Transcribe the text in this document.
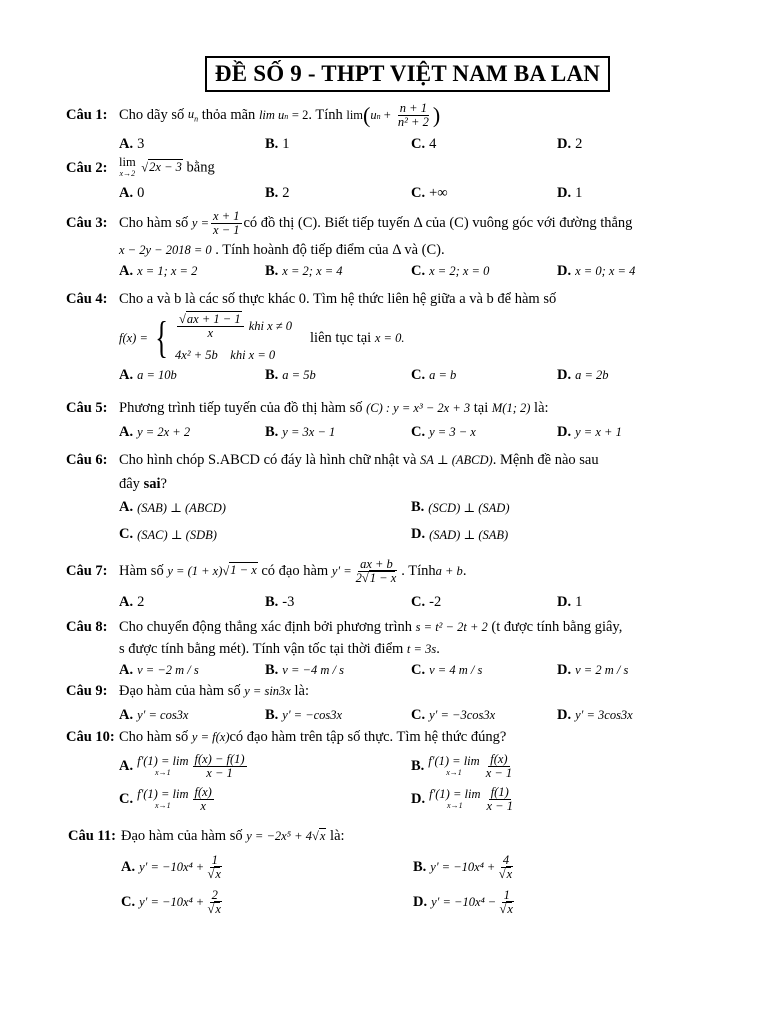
ĐỀ SỐ 9 - THPT VIỆT NAM BA LAN
Câu 1: Cho dãy số $u_n$ thỏa mãn lim un = 2. Tính $\lim(un + \frac{n + 1}{\text{n² + 2}}$ )
A. 3	B. 1	C. 4	D. 2
Câu 2: lim
x→2 √2x − 3 bằng
A. 0	B. 2	C. +∞	D. 1
Câu 3: Cho hàm số $y = \frac{x + 1}{x - 1}$ có đồ thị (C). Biết tiếp tuyến Δ của (C) vuông góc với đường thẳng
x − 2y − 2018 = 0 . Tính hoành độ tiếp điểm của Δ và (C).
A. x = 1; x = 2	B. x = 2; x = 4	C. x = 2; x = 0	D. x = 0; x = 4
Câu 4: Cho a và b là các số thực khác 0. Tìm hệ thức liên hệ giữa a và b để hàm số
f(x) = { $\frac{√ax + 1 - 1}{x}$
khi x ≠ 0
4x² + 5b
khi x = 0
liên tục tại
x = 0.
A. a = 10b	B. a = 5b	C. a = b	D. a = 2b
Câu 5: Phương trình tiếp tuyến của đồ thị hàm số (C) : y = x³ − 2x + 3 tại M(1; 2) là:
A. y = 2x + 2	B. y = 3x − 1	C. y = 3 − x	D. y = x + 1
Câu 6: Cho hình chóp S.ABCD có đáy là hình chữ nhật và SA ⊥ (ABCD). Mệnh đề nào sau
đây sai?
A. (SAB) ⊥ (ABCD)	B. (SCD) ⊥ (SAD)
C. (SAC) ⊥ (SDB)	D. (SAD) ⊥ (SAB)
Câu 7: Hàm số y = (1 + x)√1 − x có đạo hàm $y' = \frac{ax + b}{2√1 - x}$ . Tínha + b.
A. 2	B. -3	C. -2	D. 1
Câu 8: Cho chuyển động thẳng xác định bởi phương trình s = t² − 2t + 2 (t được tính bằng giây,
s được tính bằng mét). Tính vận tốc tại thời điểm t = 3s.
A. v = −2 m / s	B. v = −4 m / s	C. v = 4 m / s	D. v = 2 m / s
Câu 9: Đạo hàm của hàm số y = sin3x là:
A. y' = cos3x	B. y' = −cos3x	C. y' = −3cos3x	D. y' = 3cos3x
Câu 10: Cho hàm số y = f(x)có đạo hàm trên tập số thực. Tìm hệ thức đúng?
A. f'(1) = lim
$x\to 1 \frac{f(x) - f(1)}{x - 1}$	B. f'(1) = lim
$x\to 1 \frac{f(x)}{x - 1}$
C. f'(1) = lim
$x\to 1 \frac{f(x)}{x}$	D. f'(1) = lim
$x\to 1 \frac{f(1)}{x - 1}$
Câu 11: Đạo hàm của hàm số y = −2x⁵ + 4√x là:
A. y' = −10x⁴
+ $\frac{1}{√x}$	B. y' = −10x⁴
+ $\frac{4}{√x}$
C. y' = −10x⁴
+ $\frac{2}{√x}$	D. y' = −10x⁴
− $\frac{1}{√x}$
